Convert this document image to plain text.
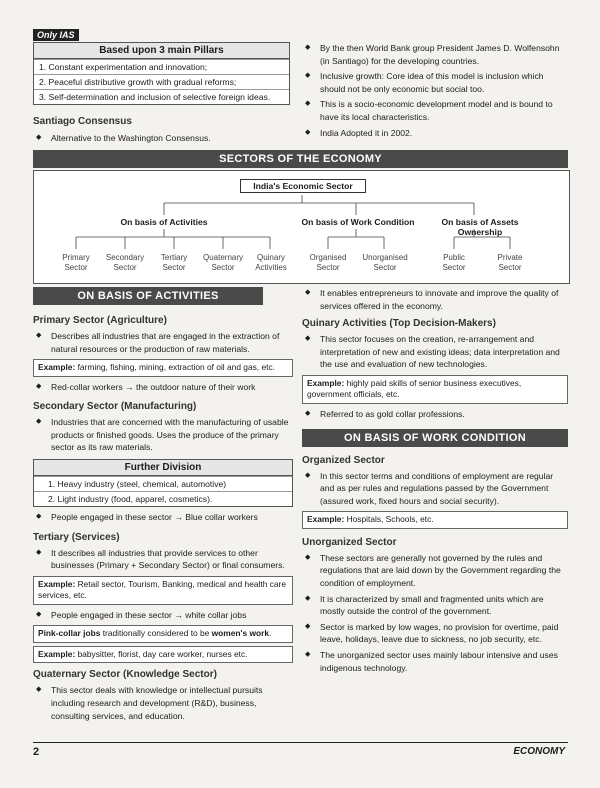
Only IAS
Based upon 3 main Pillars
1. Constant experimentation and innovation;
2. Peaceful distributive growth with gradual reforms;
3. Self-determination and inclusion of selective foreign ideas.
Santiago Consensus
◆ Alternative to the Washington Consensus.
◆ By the then World Bank group President James D. Wolfensohn (in Santiago) for the developing countries.
◆ Inclusive growth: Core idea of this model is inclusion which should not be only economic but social too.
◆ This is a socio-economic development model and is bound to have its local characteristics.
◆ India Adopted it in 2002.
SECTORS OF THE ECONOMY
India's Economic Sector
On basis of Activities	On basis of Work Condition	On basis of Assets Ownership
Primary Sector
Secondary Sector
Tertiary Sector
Quaternary Sector
Quinary Activities
Organised Sector
Unorganised Sector
Public Sector
Private Sector
ON BASIS OF ACTIVITIES
Primary Sector (Agriculture)
◆ Describes all industries that are engaged in the extraction of natural resources or the production of raw materials.
Example: farming, fishing, mining, extraction of oil and gas, etc.
◆ Red-collar workers → the outdoor nature of their work
Secondary Sector (Manufacturing)
◆ Industries that are concerned with the manufacturing of usable products or finished goods. Uses the produce of the primary sector as its raw materials.
Further Division
1. Heavy industry (steel, chemical, automotive)
2. Light industry (food, apparel, cosmetics).
◆ People engaged in these sector → Blue collar workers
Tertiary (Services)
◆ It describes all industries that provide services to other businesses (Primary + Secondary Sector) or final consumers.
Example: Retail sector, Tourism, Banking, medical and health care services, etc.
◆ People engaged in these sector → white collar jobs
Pink-collar jobs traditionally considered to be women's work.
Example: babysitter, florist, day care worker, nurses etc.
Quaternary Sector (Knowledge Sector)
◆ This sector deals with knowledge or intellectual pursuits including research and development (R&D), business, consulting services, and education.
◆ It enables entrepreneurs to innovate and improve the quality of services offered in the economy.
Quinary Activities (Top Decision-Makers)
◆ This sector focuses on the creation, re-arrangement and interpretation of new and existing ideas; data interpretation and the use and evaluation of new technologies.
Example: highly paid skills of senior business executives, government officials, etc.
◆ Referred to as gold collar professions.
ON BASIS OF WORK CONDITION
Organized Sector
◆ In this sector terms and conditions of employment are regular and as per rules and regulations passed by the Government (assured work, fixed hours and social security).
Example: Hospitals, Schools, etc.
Unorganized Sector
◆ These sectors are generally not governed by the rules and regulations that are laid down by the Government regarding the condition of employment.
◆ It is characterized by small and fragmented units which are mostly outside the control of the government.
◆ Sector is marked by low wages, no provision for overtime, paid leave, holidays, leave due to sickness, no job security, etc.
◆ The unorganized sector uses mainly labour intensive and uses indigenous technology.
2	ECONOMY
